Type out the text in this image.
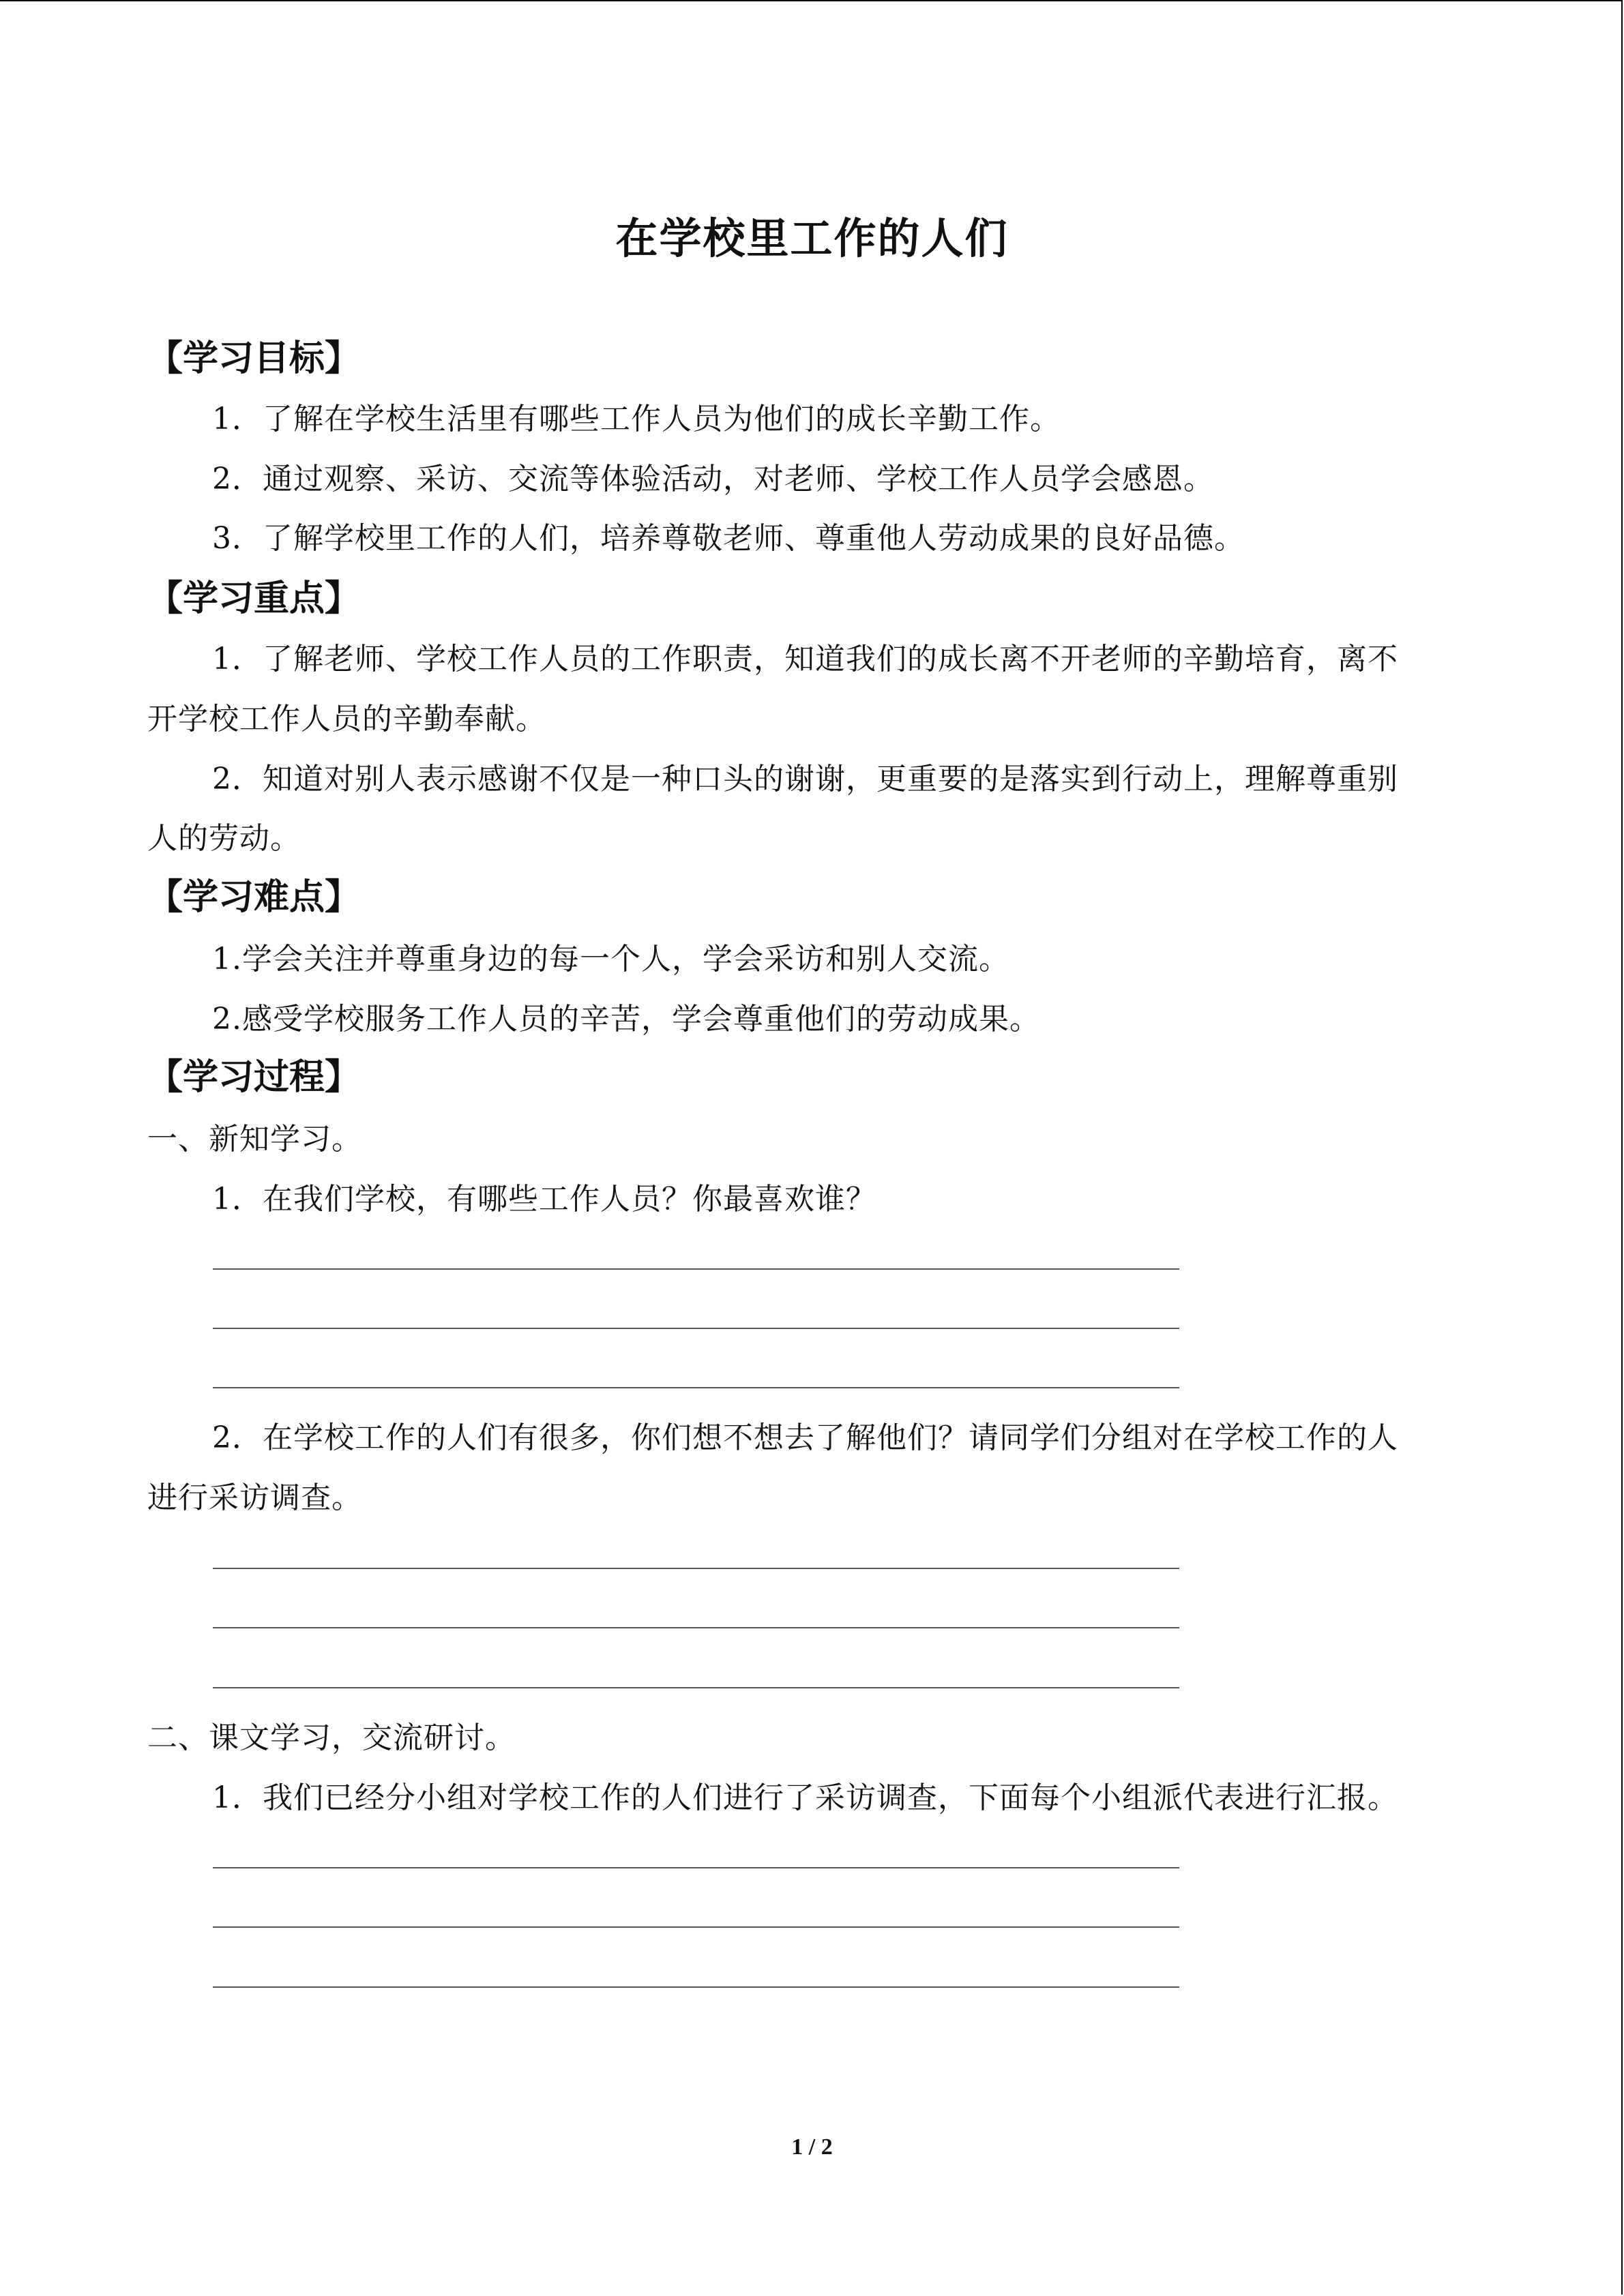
在学校里工作的人们
【学习目标】
1．了解在学校生活里有哪些工作人员为他们的成长辛勤工作。
2．通过观察、采访、交流等体验活动，对老师、学校工作人员学会感恩。
3．了解学校里工作的人们，培养尊敬老师、尊重他人劳动成果的良好品德。
【学习重点】
1．了解老师、学校工作人员的工作职责，知道我们的成长离不开老师的辛勤培育，离不
开学校工作人员的辛勤奉献。
2．知道对别人表示感谢不仅是一种口头的谢谢，更重要的是落实到行动上，理解尊重别
人的劳动。
【学习难点】
1.学会关注并尊重身边的每一个人，学会采访和别人交流。
2.感受学校服务工作人员的辛苦，学会尊重他们的劳动成果。
【学习过程】
一、新知学习。
1．在我们学校，有哪些工作人员？你最喜欢谁？
2．在学校工作的人们有很多，你们想不想去了解他们？请同学们分组对在学校工作的人
进行采访调查。
二、课文学习，交流研讨。
1．我们已经分小组对学校工作的人们进行了采访调查，下面每个小组派代表进行汇报。
1 / 2
